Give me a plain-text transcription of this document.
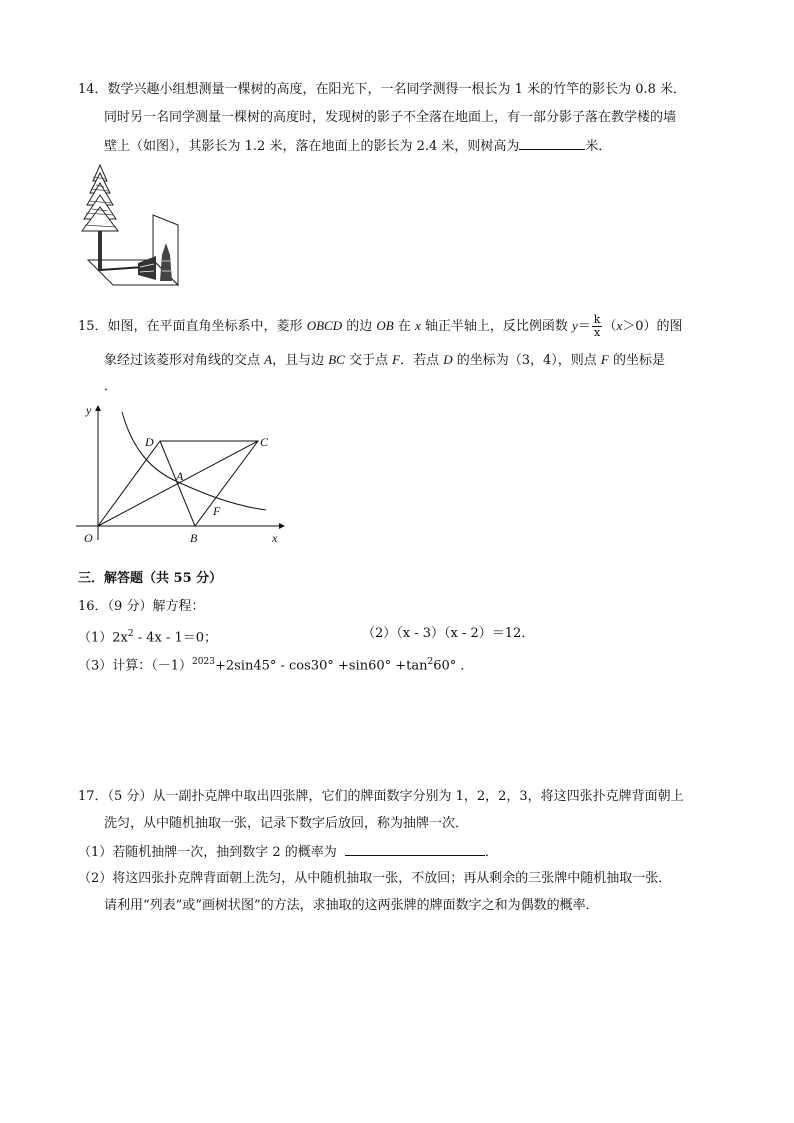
14．数学兴趣小组想测量一棵树的高度，在阳光下，一名同学测得一根长为 1 米的竹竿的影长为 0.8 米．
同时另一名同学测量一棵树的高度时，发现树的影子不全落在地面上，有一部分影子落在教学楼的墙
壁上（如图），其影长为 1.2 米，落在地面上的影长为 2.4 米，则树高为	米．
15．如图，在平面直角坐标系中，菱形 OBCD 的边 OB 在 x 轴正半轴上，反比例函数 $y= \frac{k}{x} (x>0)$的图
象经过该菱形对角线的交点 A，且与边 BC 交于点 F．若点 D 的坐标为（3，4），则点 F 的坐标是
．
y
x
O	B
C
D
A
F
三．解答题（共 55 分）
16．（9 分）解方程：
$(1)2x^2 - 4x - 1=0$；	（2）（x - 3）（x - 2）＝12．
（3）计算：$(-1)^{2023}+2\sin 45^\circ - \cos 30^\circ +\sin 60^\circ +\tan^260^\circ$ ．
17．（5 分）从一副扑克牌中取出四张牌，它们的牌面数字分别为 1，2，2，3，将这四张扑克牌背面朝上
洗匀，从中随机抽取一张，记录下数字后放回，称为抽牌一次．
（1）若随机抽牌一次，抽到数字 2 的概率为	．
（2）将这四张扑克牌背面朝上洗匀，从中随机抽取一张，不放回；再从剩余的三张牌中随机抽取一张．
请利用“列表”或“画树状图”的方法，求抽取的这两张牌的牌面数字之和为偶数的概率．
